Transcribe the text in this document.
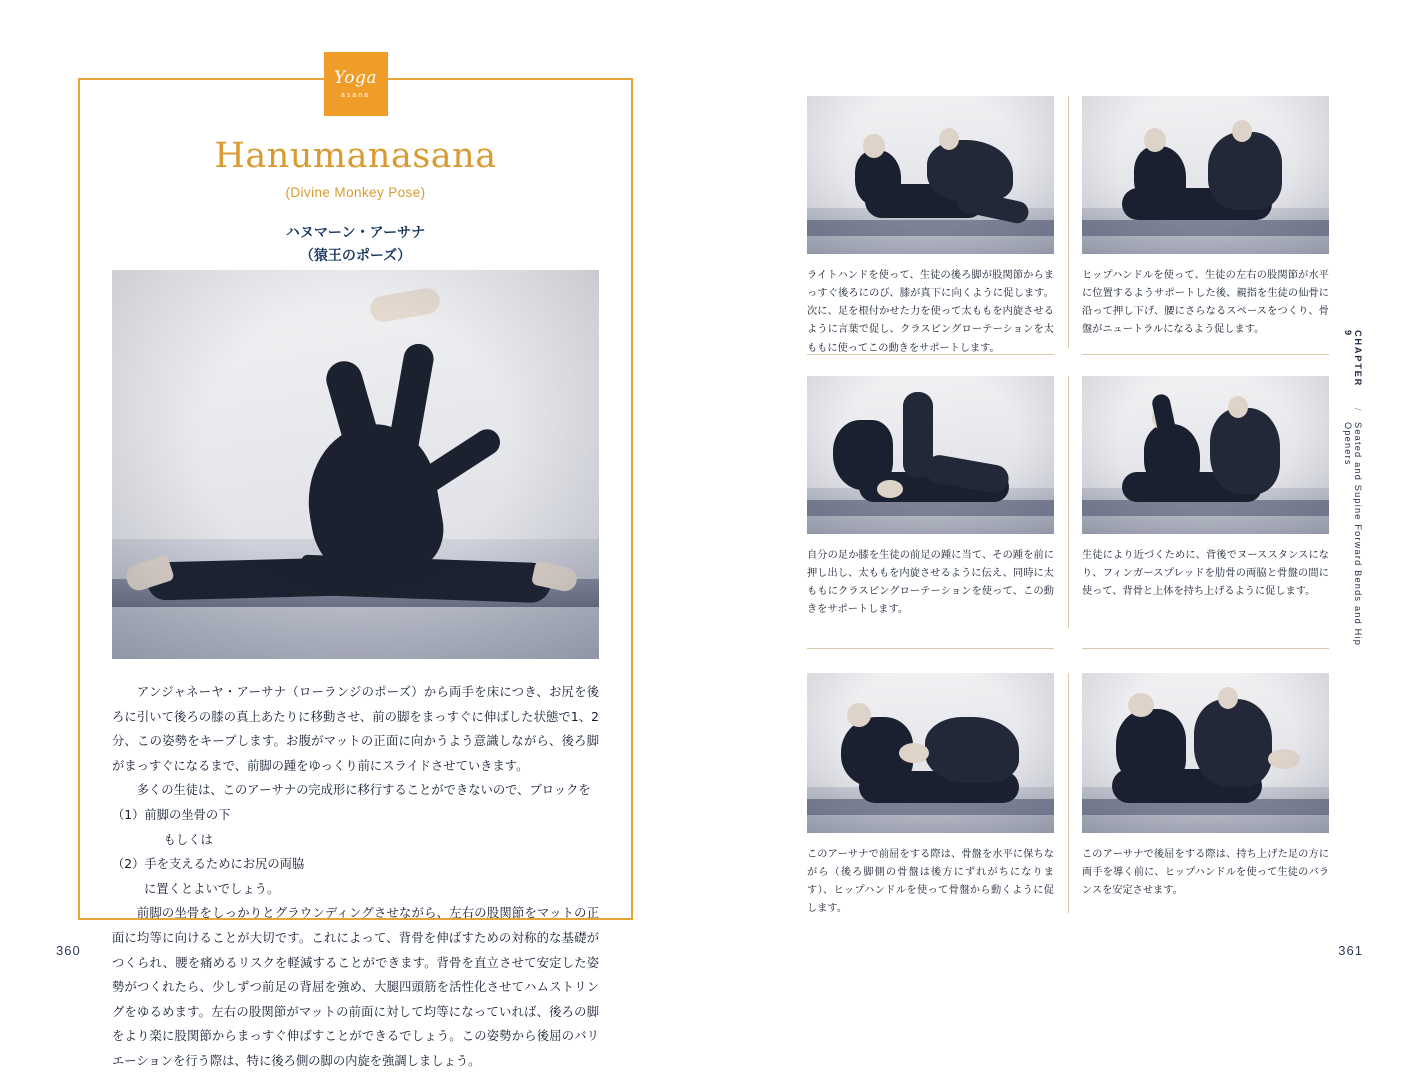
Yoga
asana
Hanumanasana
(Divine Monkey Pose)
ハヌマーン・アーサナ
（猿王のポーズ）

　アンジャネーヤ・アーサナ（ローランジのポーズ）から両手を床につき、お尻を後ろに引いて後ろの膝の真上あたりに移動させ、前の脚をまっすぐに伸ばした状態で1、2分、この姿勢をキープします。お腹がマットの正面に向かうよう意識しながら、後ろ脚がまっすぐになるまで、前脚の踵をゆっくり前にスライドさせていきます。

　多くの生徒は、このアーサナの完成形に移行することができないので、ブロックを

（1）前脚の坐骨の下

　　もしくは

（2）手を支えるためにお尻の両脇

　に置くとよいでしょう。

　前脚の坐骨をしっかりとグラウンディングさせながら、左右の股関節をマットの正面に均等に向けることが大切です。これによって、背骨を伸ばすための対称的な基礎がつくられ、腰を痛めるリスクを軽減することができます。背骨を直立させて安定した姿勢がつくれたら、少しずつ前足の背屈を強め、大腿四頭筋を活性化させてハムストリングをゆるめます。左右の股関節がマットの前面に対して均等になっていれば、後ろの脚をより楽に股関節からまっすぐ伸ばすことができるでしょう。この姿勢から後屈のバリエーションを行う際は、特に後ろ側の脚の内旋を強調しましょう。

360
ライトハンドを使って、生徒の後ろ脚が股関節からまっすぐ後ろにのび、膝が真下に向くように促します。次に、足を根付かせた力を使って太ももを内旋させるように言葉で促し、クラスピングローテーションを太ももに使ってこの動きをサポートします。
ヒップハンドルを使って、生徒の左右の股関節が水平に位置するようサポートした後、親指を生徒の仙骨に沿って押し下げ、腰にさらなるスペースをつくり、骨盤がニュートラルになるよう促します。
自分の足か膝を生徒の前足の踵に当て、その踵を前に押し出し、太ももを内旋させるように伝え、同時に太ももにクラスピングローテーションを使って、この動きをサポートします。
生徒により近づくために、背後でヌーススタンスになり、フィンガースプレッドを肋骨の両脇と骨盤の間に使って、背骨と上体を持ち上げるように促します。
このアーサナで前屈をする際は、骨盤を水平に保ちながら（後ろ脚側の骨盤は後方にずれがちになります）、ヒップハンドルを使って骨盤から動くように促します。
このアーサナで後屈をする際は、持ち上げた足の方に両手を導く前に、ヒップハンドルを使って生徒のバランスを安定させます。
CHAPTER 9
/
Seated and Supine Forward Bends and Hip Openers
361
